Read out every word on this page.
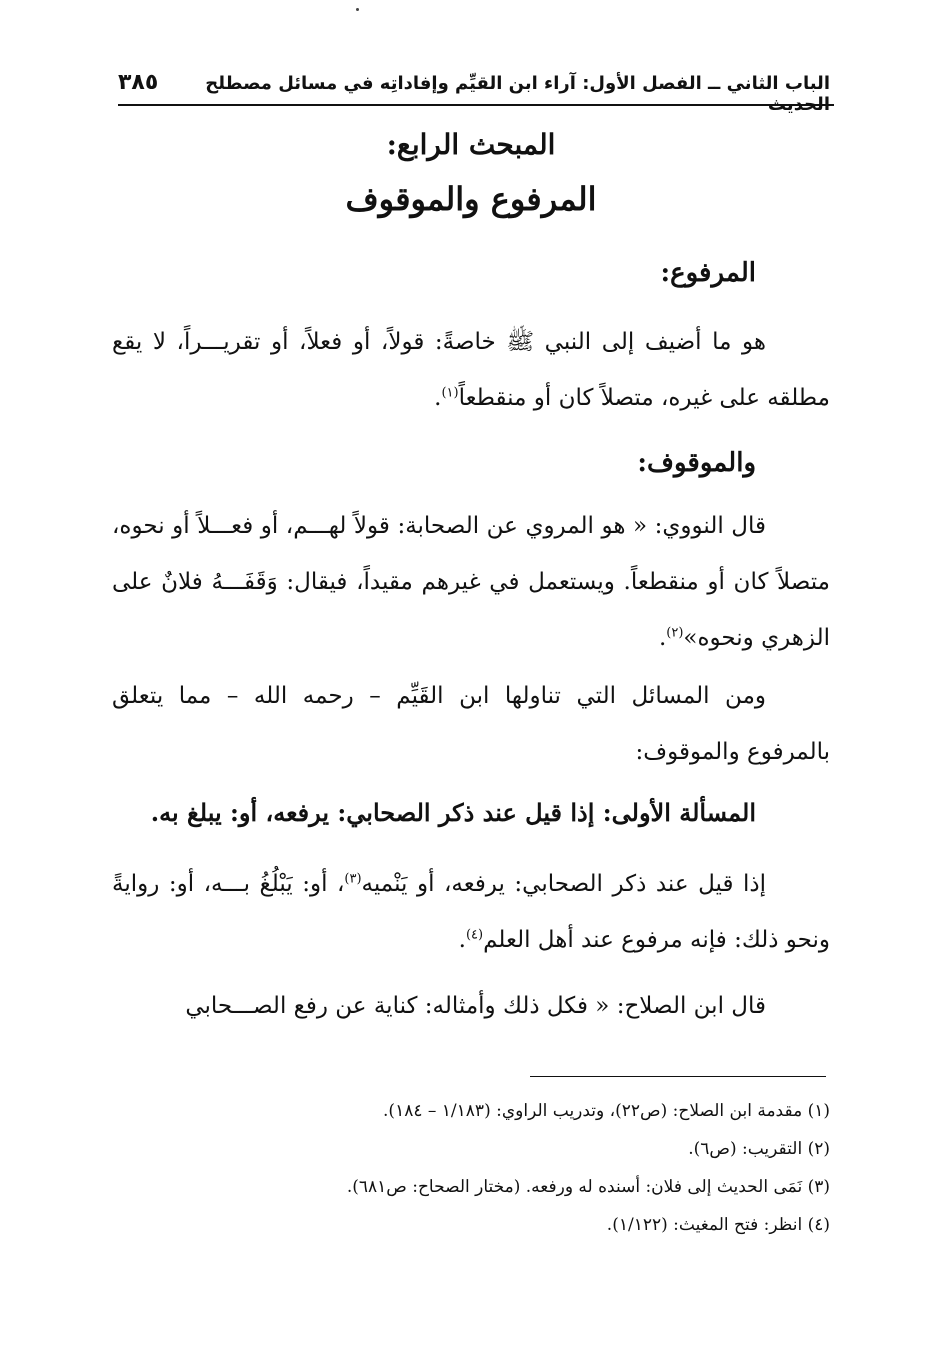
الباب الثاني ــ الفصل الأول: آراء ابن القيِّم وإفاداتِه في مسائل مصطلح الحديث
٣٨٥
المبحث الرابع:
المرفوع والموقوف
المرفوع:

هو ما أضيف إلى النبي ﷺ خاصةً: قولاً، أو فعلاً، أو تقريـــراً، لا يقع مطلقه على غيره، متصلاً كان أو منقطعاً$^{(١)}$.

والموقوف:

قال النووي: « هو المروي عن الصحابة: قولاً لهـــم، أو فعـــلاً أو نحوه، متصلاً كان أو منقطعاً. ويستعمل في غيرهم مقيداً، فيقال: وَقَفَـــهُ فلانٌ على الزهري ونحوه»$^{(٢)}$.

ومن المسائل التي تناولها ابن القَيِّم – رحمه الله – مما يتعلق بالمرفوع والموقوف:

المسألة الأولى: إذا قيل عند ذكر الصحابي: يرفعه، أو: يبلغ به.

إذا قيل عند ذكر الصحابي: يرفعه، أو يَنْميه$^{(٣)}$، أو: يَبْلُغُ بـــه، أو: روايةً ونحو ذلك: فإنه مرفوع عند أهل العلم$^{(٤)}$.

قال ابن الصلاح: « فكل ذلك وأمثاله: كناية عن رفع الصـــحابي

(١) مقدمة ابن الصلاح: (ص٢٢)، وتدريب الراوي: (١/١٨٣ – ١٨٤).
(٢) التقريب: (ص٦).
(٣) نَمَى الحديث إلى فلان: أسنده له ورفعه. (مختار الصحاح: ص٦٨١).
(٤) انظر: فتح المغيث: (١/١٢٢).
